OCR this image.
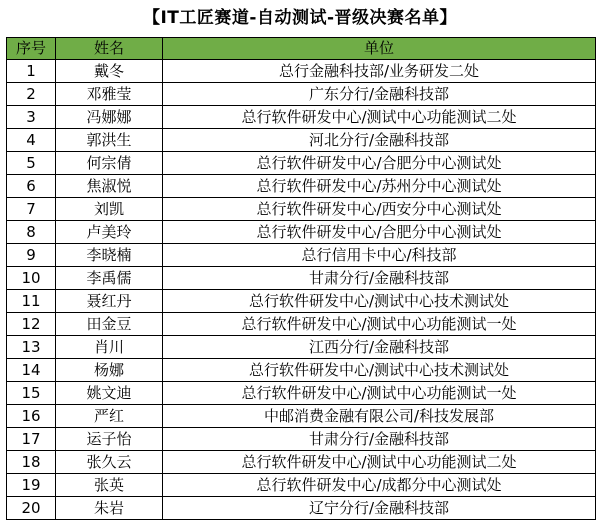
【IT工匠赛道-自动测试-晋级决赛名单】
序号	姓名	单位
1	戴冬	总行金融科技部/业务研发二处
2	邓雅莹	广东分行/金融科技部
3	冯娜娜	总行软件研发中心/测试中心功能测试二处
4	郭洪生	河北分行/金融科技部
5	何宗倩	总行软件研发中心/合肥分中心测试处
6	焦淑悦	总行软件研发中心/苏州分中心测试处
7	刘凯	总行软件研发中心/西安分中心测试处
8	卢美玲	总行软件研发中心/合肥分中心测试处
9	李晓楠	总行信用卡中心/科技部
10	李禹儒	甘肃分行/金融科技部
11	聂红丹	总行软件研发中心/测试中心技术测试处
12	田金豆	总行软件研发中心/测试中心功能测试一处
13	肖川	江西分行/金融科技部
14	杨娜	总行软件研发中心/测试中心技术测试处
15	姚文迪	总行软件研发中心/测试中心功能测试一处
16	严红	中邮消费金融有限公司/科技发展部
17	运子怡	甘肃分行/金融科技部
18	张久云	总行软件研发中心/测试中心功能测试二处
19	张英	总行软件研发中心/成都分中心测试处
20	朱岩	辽宁分行/金融科技部
